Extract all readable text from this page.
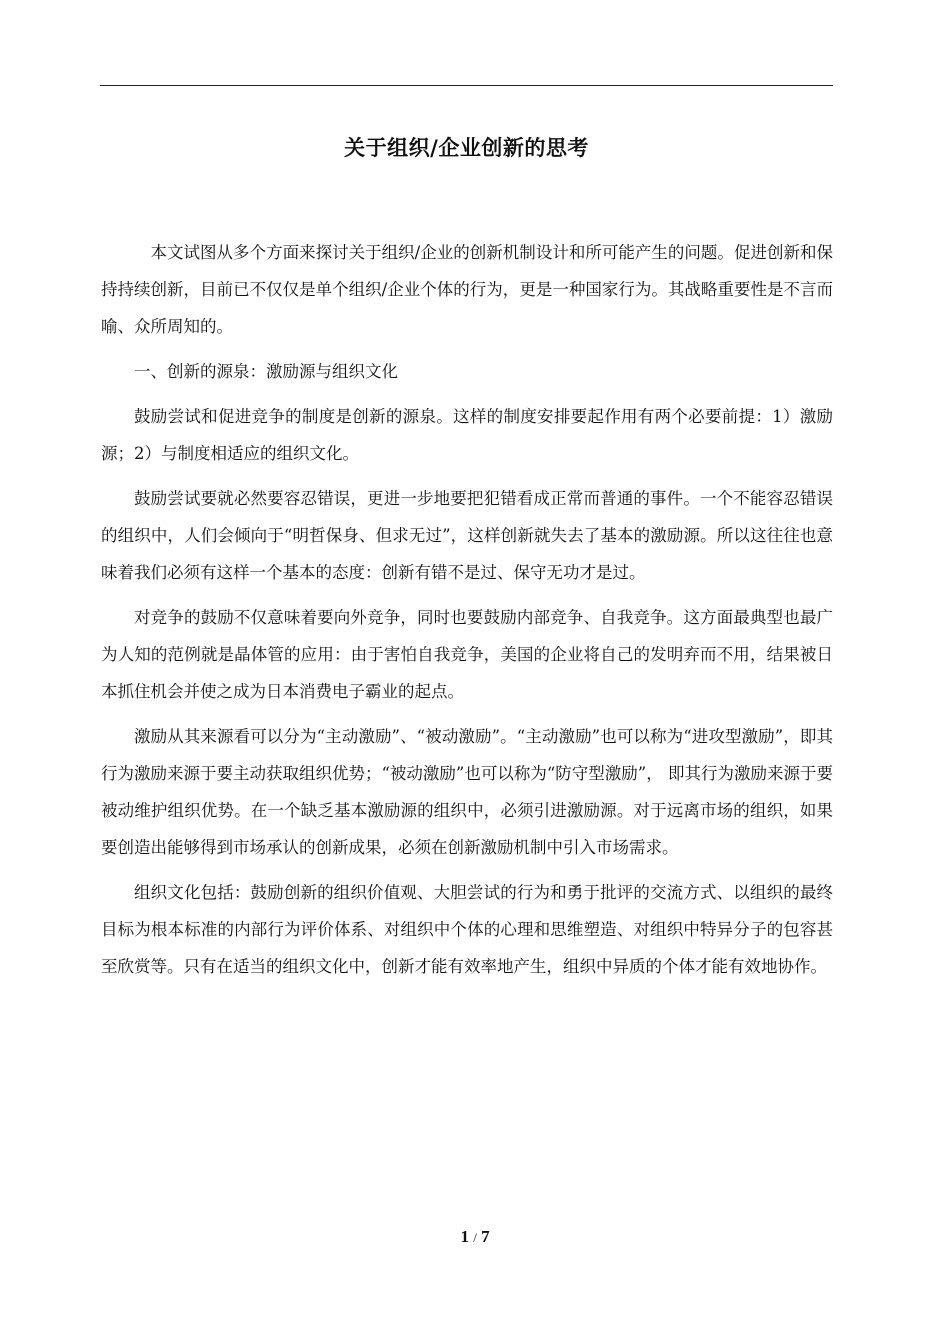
关于组织/企业创新的思考

本文试图从多个方面来探讨关于组织/企业的创新机制设计和所可能产生的问题。促进创新和保持持续创新，目前已不仅仅是单个组织/企业个体的行为，更是一种国家行为。其战略重要性是不言而喻、众所周知的。

一、创新的源泉：激励源与组织文化

鼓励尝试和促进竞争的制度是创新的源泉。这样的制度安排要起作用有两个必要前提：1）激励源；2）与制度相适应的组织文化。

鼓励尝试要就必然要容忍错误，更进一步地要把犯错看成正常而普通的事件。一个不能容忍错误的组织中，人们会倾向于“明哲保身、但求无过”，这样创新就失去了基本的激励源。所以这往往也意味着我们必须有这样一个基本的态度：创新有错不是过、保守无功才是过。

对竞争的鼓励不仅意味着要向外竞争，同时也要鼓励内部竞争、自我竞争。这方面最典型也最广为人知的范例就是晶体管的应用：由于害怕自我竞争，美国的企业将自己的发明弃而不用，结果被日本抓住机会并使之成为日本消费电子霸业的起点。

激励从其来源看可以分为“主动激励”、“被动激励”。“主动激励”也可以称为“进攻型激励”，即其行为激励来源于要主动获取组织优势；“被动激励”也可以称为“防守型激励”， 即其行为激励来源于要被动维护组织优势。在一个缺乏基本激励源的组织中，必须引进激励源。对于远离市场的组织，如果要创造出能够得到市场承认的创新成果，必须在创新激励机制中引入市场需求。

组织文化包括：鼓励创新的组织价值观、大胆尝试的行为和勇于批评的交流方式、以组织的最终目标为根本标准的内部行为评价体系、对组织中个体的心理和思维塑造、对组织中特异分子的包容甚至欣赏等。只有在适当的组织文化中，创新才能有效率地产生，组织中异质的个体才能有效地协作。

1 / 7
